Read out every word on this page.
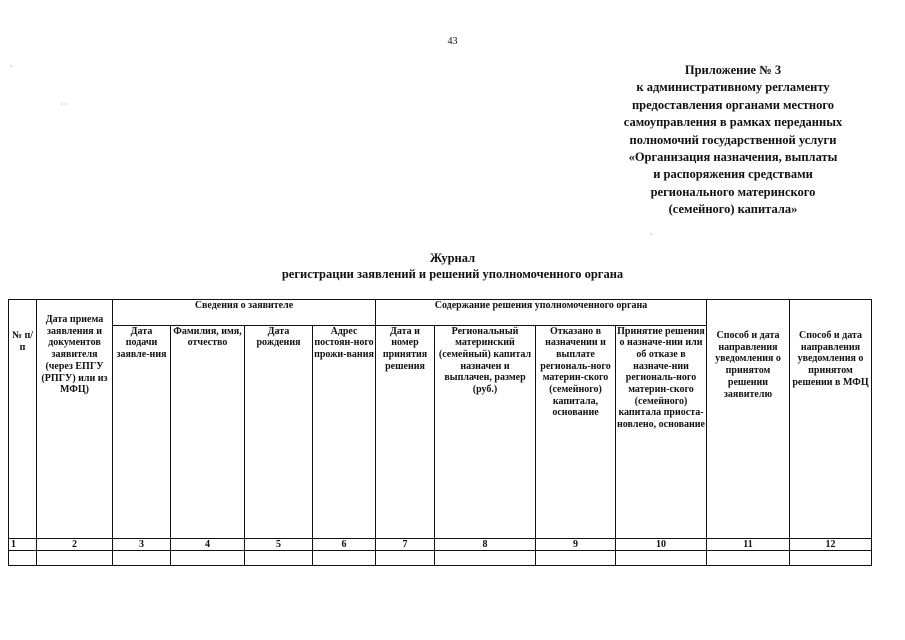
43
Приложение № 3
к административному регламенту
предоставления органами местного
самоуправления в рамках переданных
полномочий государственной услуги
«Организация назначения, выплаты
и распоряжения средствами
регионального материнского
(семейного) капитала»
Журнал
регистрации заявлений и решений уполномоченного органа
№ п/п	Дата приема заявления и документов заявителя (через ЕПГУ (РПГУ) или из МФЦ)	Сведения о заявителе				Содержание решения уполномоченного органа				Способ и дата направления уведомления о принятом решении заявителю	Способ и дата направления уведомления о принятом решении в МФЦ
		Дата подачи заявле-ния	Фамилия, имя, отчество	Дата рождения	Адрес постоян-ного прожи-вания	Дата и номер принятия решения	Региональный материнский (семейный) капитал назначен и выплачен, размер (руб.)	Отказано в назначении и выплате региональ-ного материн-ского (семейного) капитала, основание	Принятие решения о назначе-нии или об отказе в назначе-нии региональ-ного материн-ского (семейного) капитала приоста-новлено, основание		
1	2	3	4	5	6	7	8	9	10	11	12

·
· ·
·
